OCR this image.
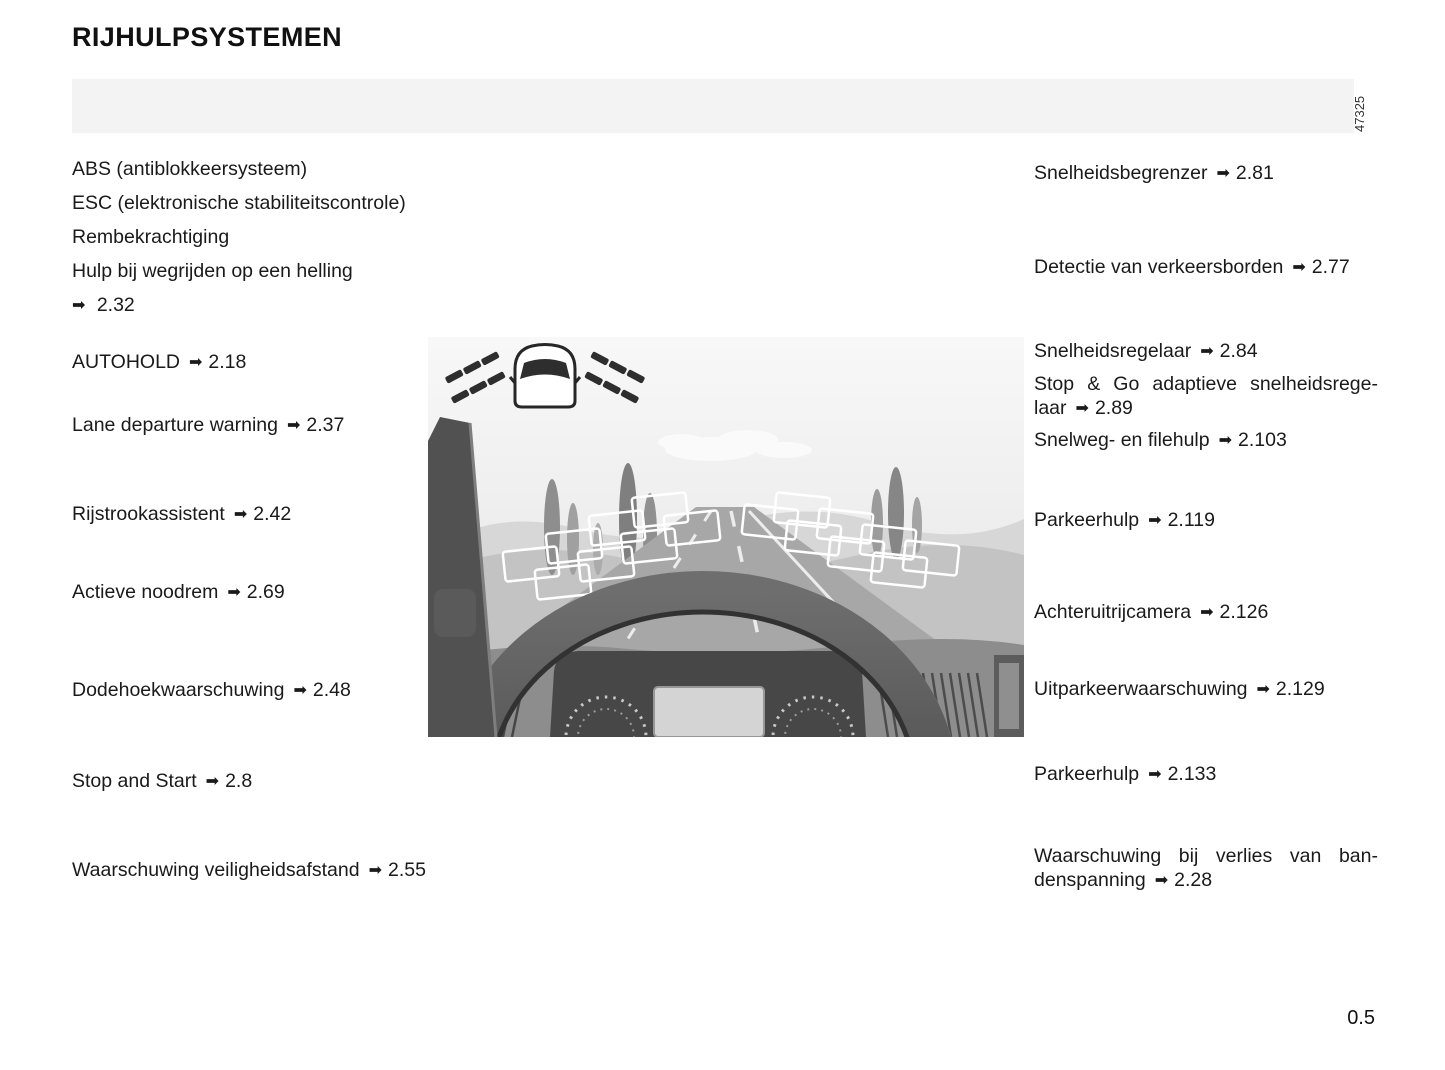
RIJHULPSYSTEMEN
47325
ABS (antiblokkeersysteem)
ESC (elektronische stabiliteitscontrole)
Rembekrachtiging
Hulp bij wegrijden op een helling
➡ 2.32
AUTOHOLD ➡ 2.18
Lane departure warning ➡ 2.37
Rijstrookassistent ➡ 2.42
Actieve noodrem ➡ 2.69
Dodehoekwaarschuwing ➡ 2.48
Stop and Start ➡ 2.8
Waarschuwing veiligheidsafstand ➡ 2.55
Snelheidsbegrenzer ➡ 2.81
Detectie van verkeersborden ➡ 2.77
Snelheidsregelaar ➡ 2.84
Stop & Go adaptieve snelheidsrege-
laar ➡ 2.89
Snelweg- en filehulp ➡ 2.103
Parkeerhulp ➡ 2.119
Achteruitrijcamera ➡ 2.126
Uitparkeerwaarschuwing ➡ 2.129
Parkeerhulp ➡ 2.133
Waarschuwing bij verlies van ban-
denspanning ➡ 2.28
0.5
